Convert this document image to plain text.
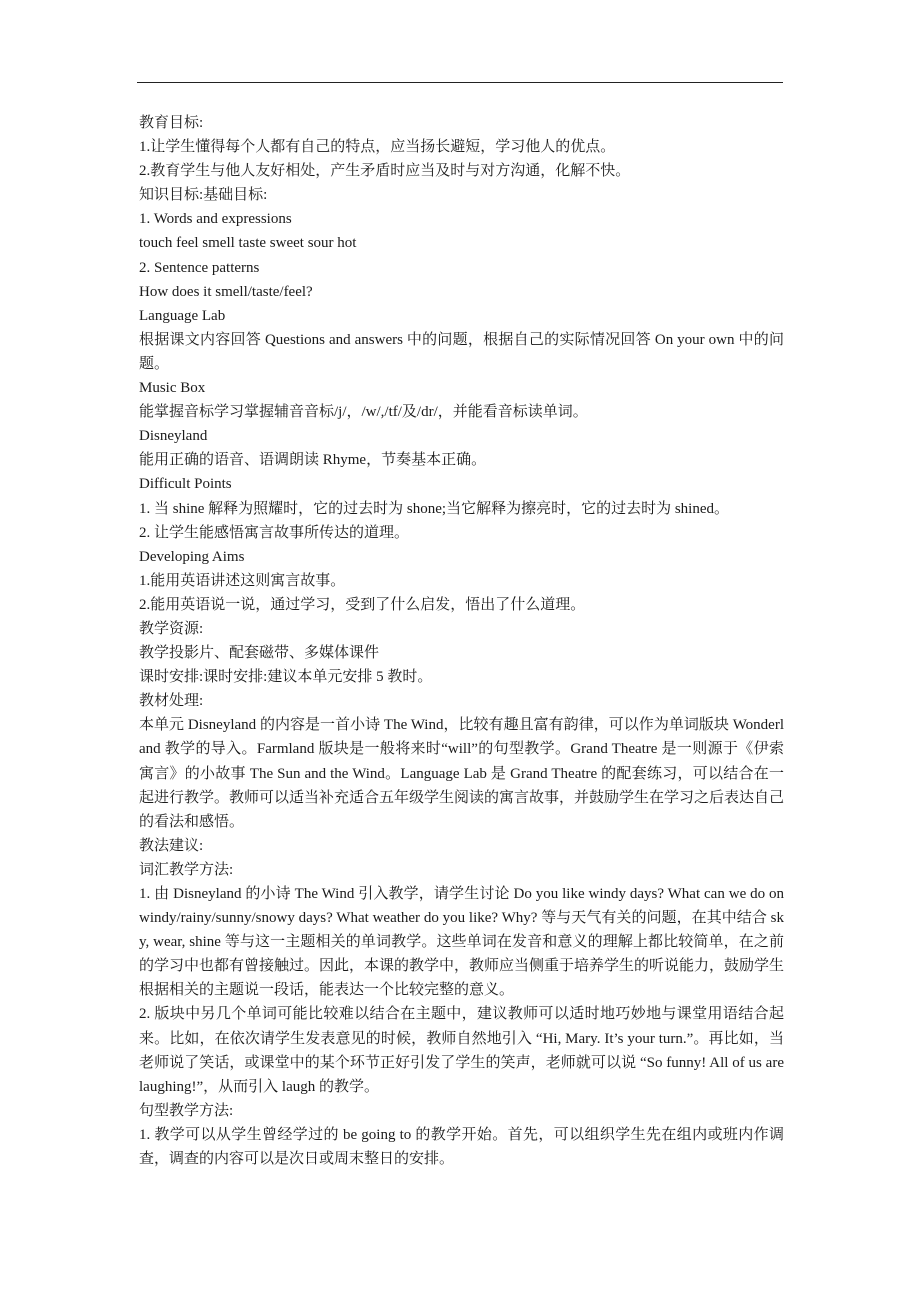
教育目标:

1.让学生懂得每个人都有自己的特点，应当扬长避短，学习他人的优点。

2.教育学生与他人友好相处，产生矛盾时应当及时与对方沟通，化解不快。

知识目标:基础目标:

1. Words and expressions

touch feel smell taste sweet sour hot

2. Sentence patterns

How does it smell/taste/feel?

Language Lab

根据课文内容回答 Questions and answers 中的问题，根据自己的实际情况回答 On your own 中的问题。

Music Box

能掌握音标学习掌握辅音音标/j/，/w/,/tf/及/dr/，并能看音标读单词。

Disneyland

能用正确的语音、语调朗读 Rhyme，节奏基本正确。

Difficult Points

1. 当 shine 解释为照耀时，它的过去时为 shone;当它解释为擦亮时，它的过去时为 shined。

2. 让学生能感悟寓言故事所传达的道理。

Developing Aims

1.能用英语讲述这则寓言故事。

2.能用英语说一说，通过学习，受到了什么启发，悟出了什么道理。

教学资源:

教学投影片、配套磁带、多媒体课件

课时安排:课时安排:建议本单元安排 5 教时。

教材处理:

本单元 Disneyland 的内容是一首小诗 The Wind，比较有趣且富有韵律，可以作为单词版块 Wonderland 教学的导入。Farmland 版块是一般将来时“will”的句型教学。Grand Theatre 是一则源于《伊索寓言》的小故事 The Sun and the Wind。Language Lab 是 Grand Theatre 的配套练习，可以结合在一起进行教学。教师可以适当补充适合五年级学生阅读的寓言故事，并鼓励学生在学习之后表达自己的看法和感悟。

教法建议:

词汇教学方法:

1. 由 Disneyland 的小诗 The Wind 引入教学，请学生讨论 Do you like windy days? What can we do on windy/rainy/sunny/snowy days? What weather do you like? Why? 等与天气有关的问题，在其中结合 sky, wear, shine 等与这一主题相关的单词教学。这些单词在发音和意义的理解上都比较简单，在之前的学习中也都有曾接触过。因此，本课的教学中，教师应当侧重于培养学生的听说能力，鼓励学生根据相关的主题说一段话，能表达一个比较完整的意义。

2. 版块中另几个单词可能比较难以结合在主题中，建议教师可以适时地巧妙地与课堂用语结合起来。比如，在依次请学生发表意见的时候，教师自然地引入 “Hi, Mary. It’s your turn.”。再比如，当老师说了笑话，或课堂中的某个环节正好引发了学生的笑声，老师就可以说 “So funny! All of us are laughing!”，从而引入 laugh 的教学。

句型教学方法:

1. 教学可以从学生曾经学过的 be going to 的教学开始。首先，可以组织学生先在组内或班内作调查，调查的内容可以是次日或周末整日的安排。
